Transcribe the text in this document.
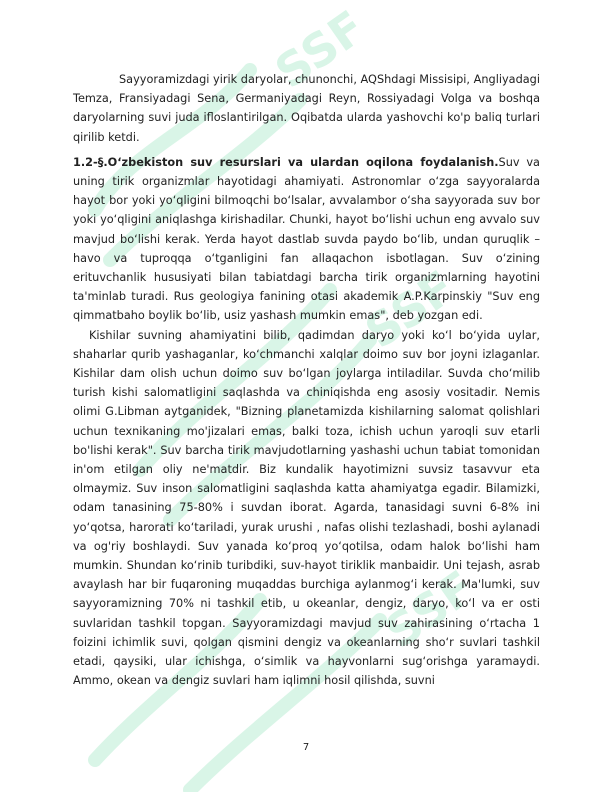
SSF
SSF
SSF

Sayyoramizdagi yirik daryolar, chunonchi, AQShdagi Missisipi, Angliyadagi Temza, Fransiyadagi Sena, Germaniyadagi Reyn, Rossiyadagi Volga va boshqa daryolarning suvi juda ifloslantirilgan. Oqibatda ularda yashovchi ko'p baliq turlari qirilib ketdi.

1.2-§.O‘zbekiston suv resurslari va ulardan oqilona foydalanish.Suv va uning tirik organizmlar hayotidagi ahamiyati. Astronomlar o‘zga sayyoralarda hayot bor yoki yo‘qligini bilmoqchi bo‘lsalar, avvalambor o‘sha sayyorada suv bor yoki yo‘qligini aniqlashga kirishadilar. Chunki, hayot bo‘lishi uchun eng avvalo suv mavjud bo‘lishi kerak. Yerda hayot dastlab suvda paydo bo‘lib, undan quruqlik – havo va tuproqqa o‘tganligini fan allaqachon isbotlagan. Suv o‘zining erituvchanlik hususiyati bilan tabiatdagi barcha tirik organizmlarning hayotini ta'minlab turadi. Rus geologiya fanining otasi akademik A.P.Karpinskiy "Suv eng qimmatbaho boylik bo‘lib, usiz yashash mumkin emas", deb yozgan edi.

Kishilar suvning ahamiyatini bilib, qadimdan daryo yoki ko‘l bo‘yida uylar, shaharlar qurib yashaganlar, ko‘chmanchi xalqlar doimo suv bor joyni izlaganlar. Kishilar dam olish uchun doimo suv bo‘lgan joylarga intiladilar. Suvda cho‘milib turish kishi salomatligini saqlashda va chiniqishda eng asosiy vositadir. Nemis olimi G.Libman aytganidek, "Bizning planetamizda kishilarning salomat qolishlari uchun texnikaning mo'jizalari emas, balki toza, ichish uchun yaroqli suv etarli bo'lishi kerak". Suv barcha tirik mavjudotlarning yashashi uchun tabiat tomonidan in'om etilgan oliy ne'matdir. Biz kundalik hayotimizni suvsiz tasavvur eta olmaymiz. Suv inson salomatligini saqlashda katta ahamiyatga egadir. Bilamizki, odam tanasining 75-80% i suvdan iborat. Agarda, tanasidagi suvni 6-8% ini yo‘qotsa, harorati ko‘tariladi, yurak urushi , nafas olishi tezlashadi, boshi aylanadi va og'riy boshlaydi. Suv yanada ko‘proq yo‘qotilsa, odam halok bo‘lishi ham mumkin. Shundan ko‘rinib turibdiki, suv-hayot tiriklik manbaidir. Uni tejash, asrab avaylash har bir fuqaroning muqaddas burchiga aylanmog‘i kerak. Ma'lumki, suv sayyoramizning 70% ni tashkil etib, u okeanlar, dengiz, daryo, ko‘l va er osti suvlaridan tashkil topgan. Sayyoramizdagi mavjud suv zahirasining o‘rtacha 1 foizini ichimlik suvi, qolgan qismini dengiz va okeanlarning sho‘r suvlari tashkil etadi, qaysiki, ular ichishga, o‘simlik va hayvonlarni sug‘orishga yaramaydi. Ammo, okean va dengiz suvlari ham iqlimni hosil qilishda, suvni

7
